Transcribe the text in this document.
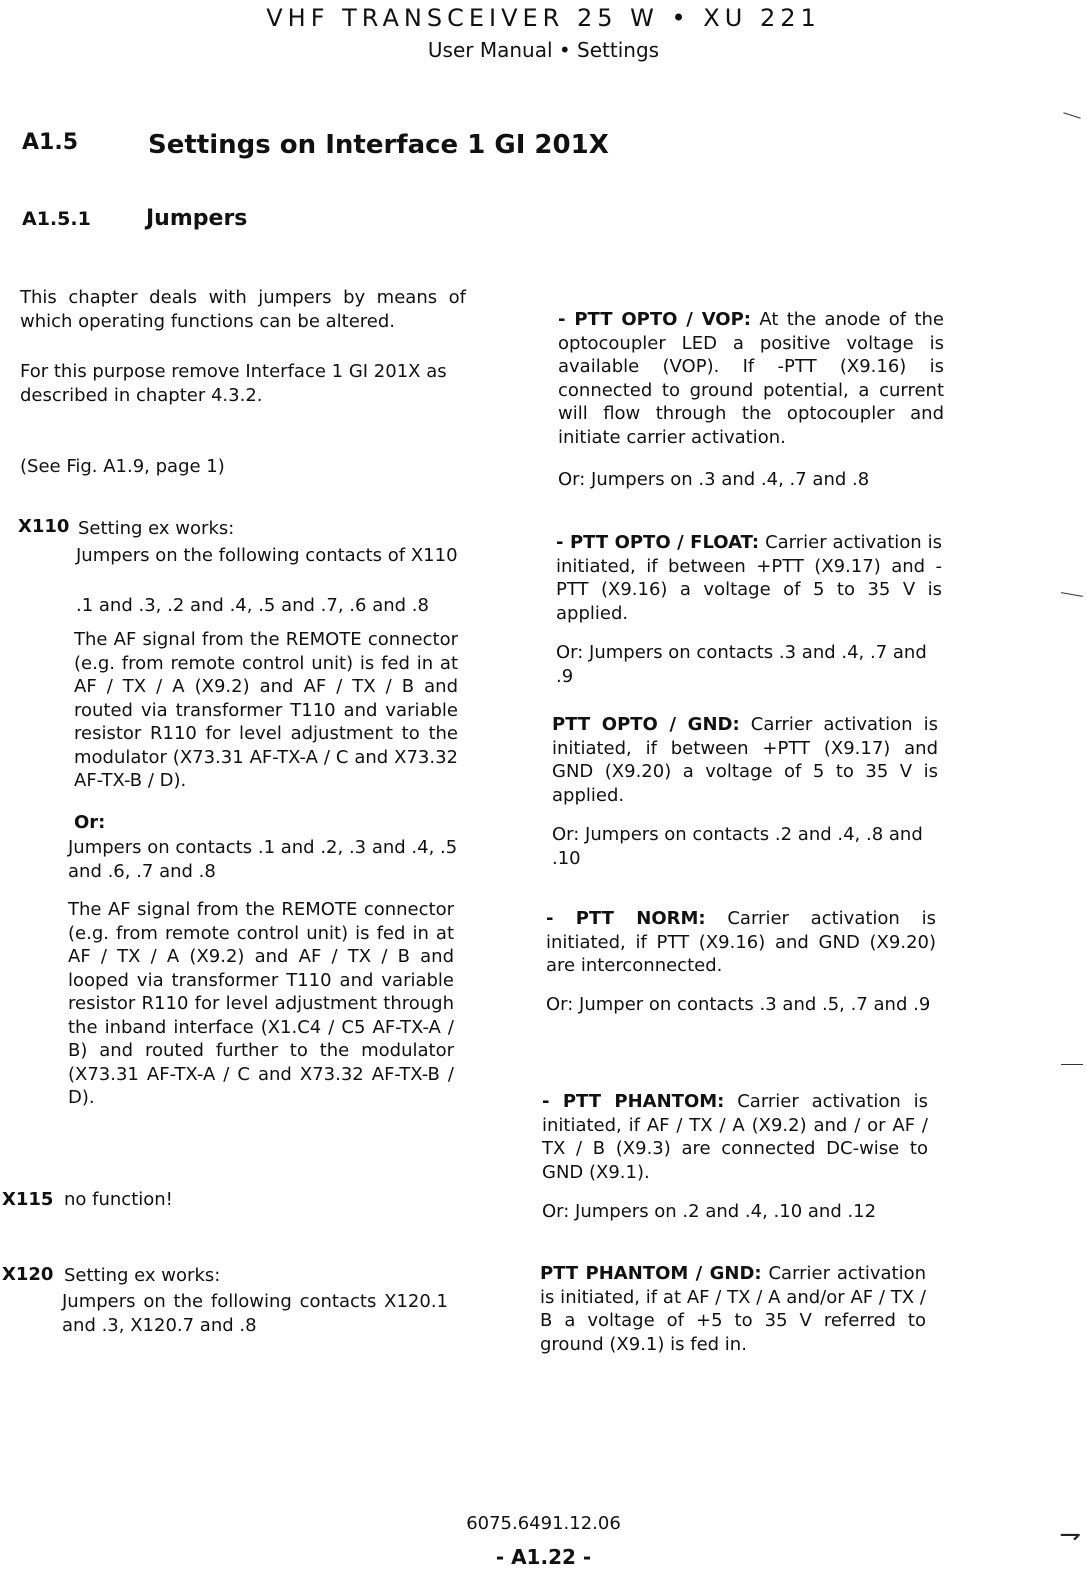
VHF TRANSCEIVER 25 W • XU 221
User Manual • Settings
A1.5	Settings on Interface 1 GI 201X
A1.5.1	Jumpers
This chapter deals with jumpers by means of which operating functions can be altered.
For this purpose remove Interface 1 GI 201X as described in chapter 4.3.2.
(See Fig. A1.9, page 1)
X110 Setting ex works:
Jumpers on the following contacts of X110
.1 and .3, .2 and .4, .5 and .7, .6 and .8
The AF signal from the REMOTE connector (e.g. from remote control unit) is fed in at AF / TX / A (X9.2) and AF / TX / B and routed via transformer T110 and variable resistor R110 for level adjustment to the modulator (X73.31 AF-TX-A / C and X73.32 AF-TX-B / D).
Or:
Jumpers on contacts .1 and .2, .3 and .4, .5 and .6, .7 and .8
The AF signal from the REMOTE connector (e.g. from remote control unit) is fed in at AF / TX / A (X9.2) and AF / TX / B and looped via transformer T110 and variable resistor R110 for level adjustment through the inband interface (X1.C4 / C5 AF-TX-A / B) and routed further to the modulator (X73.31 AF-TX-A / C and X73.32 AF-TX-B / D).
X115 no function!
X120 Setting ex works:
Jumpers on the following contacts X120.1 and .3, X120.7 and .8
- PTT OPTO / VOP: At the anode of the optocoupler LED a positive voltage is available (VOP). If -PTT (X9.16) is connected to ground potential, a current will flow through the optocoupler and initiate carrier activation.
Or: Jumpers on .3 and .4, .7 and .8
- PTT OPTO / FLOAT: Carrier activation is initiated, if between +PTT (X9.17) and -PTT (X9.16) a voltage of 5 to 35 V is applied.
Or: Jumpers on contacts .3 and .4, .7 and .9
PTT OPTO / GND: Carrier activation is initiated, if between +PTT (X9.17) and GND (X9.20) a voltage of 5 to 35 V is applied.
Or: Jumpers on contacts .2 and .4, .8 and .10
- PTT NORM: Carrier activation is initiated, if PTT (X9.16) and GND (X9.20) are interconnected.
Or: Jumper on contacts .3 and .5, .7 and .9
- PTT PHANTOM: Carrier activation is initiated, if AF / TX / A (X9.2) and / or AF / TX / B (X9.3) are connected DC-wise to GND (X9.1).
Or: Jumpers on .2 and .4, .10 and .12
PTT PHANTOM / GND: Carrier activation is initiated, if at AF / TX / A and/or AF / TX / B a voltage of +5 to 35 V referred to ground (X9.1) is fed in.
⇁
6075.6491.12.06
- A1.22 -
